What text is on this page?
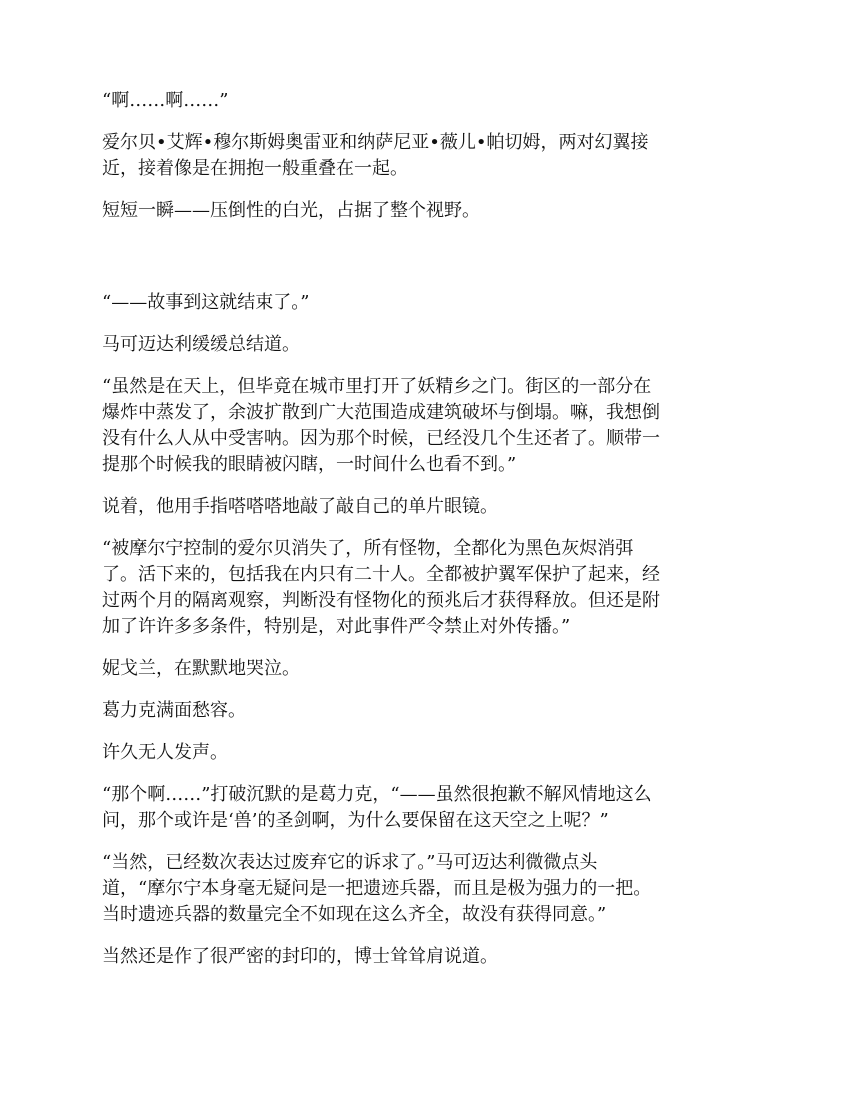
“啊……啊……”

爱尔贝•艾辉•穆尔斯姆奥雷亚和纳萨尼亚•薇儿•帕切姆，两对幻翼接
近，接着像是在拥抱一般重叠在一起。

短短一瞬——压倒性的白光，占据了整个视野。

“——故事到这就结束了。”

马可迈达利缓缓总结道。

“虽然是在天上，但毕竟在城市里打开了妖精乡之门。街区的一部分在
爆炸中蒸发了，余波扩散到广大范围造成建筑破坏与倒塌。嘛，我想倒
没有什么人从中受害呐。因为那个时候，已经没几个生还者了。顺带一
提那个时候我的眼睛被闪瞎，一时间什么也看不到。”

说着，他用手指嗒嗒嗒地敲了敲自己的单片眼镜。

“被摩尔宁控制的爱尔贝消失了，所有怪物，全都化为黑色灰烬消弭
了。活下来的，包括我在内只有二十人。全都被护翼军保护了起来，经
过两个月的隔离观察，判断没有怪物化的预兆后才获得释放。但还是附
加了许许多多条件，特别是，对此事件严令禁止对外传播。”

妮戈兰，在默默地哭泣。

葛力克满面愁容。

许久无人发声。

“那个啊……”打破沉默的是葛力克，“——虽然很抱歉不解风情地这么
问，那个或许是‘兽’的圣剑啊，为什么要保留在这天空之上呢？”

“当然，已经数次表达过废弃它的诉求了。”马可迈达利微微点头
道，“摩尔宁本身毫无疑问是一把遗迹兵器，而且是极为强力的一把。
当时遗迹兵器的数量完全不如现在这么齐全，故没有获得同意。”

当然还是作了很严密的封印的，博士耸耸肩说道。
